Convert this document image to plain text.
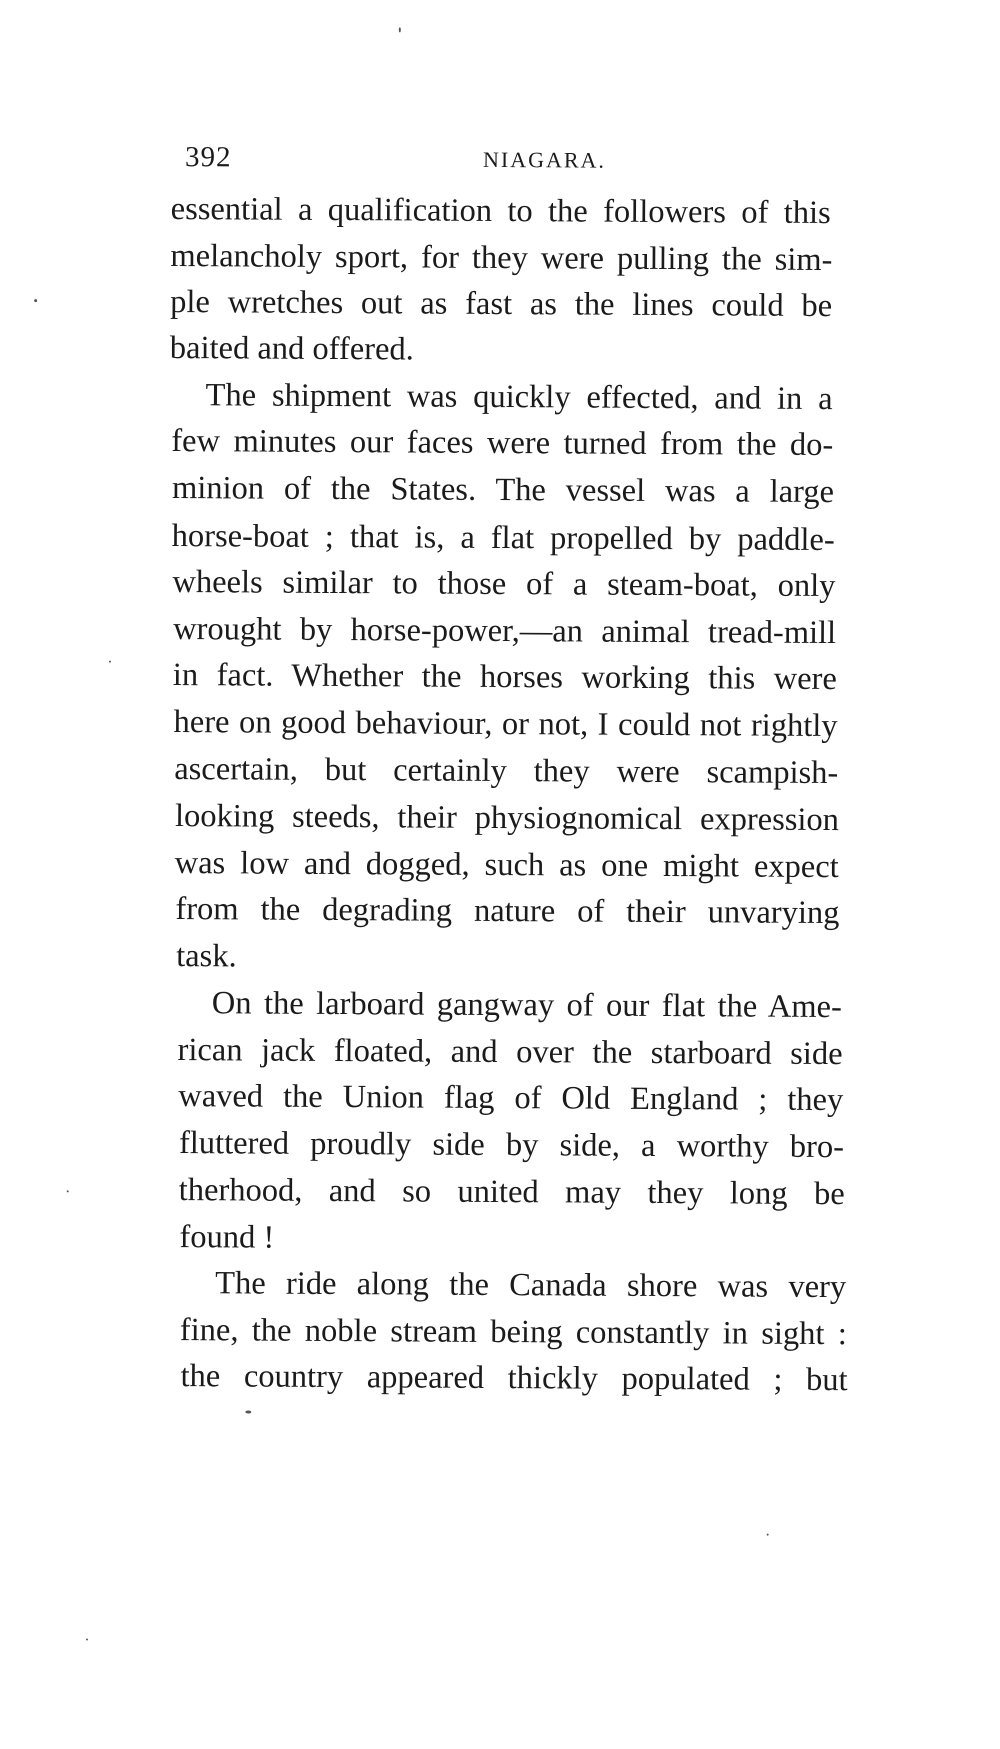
392	NIAGARA.
essential a qualification to the followers of this
melancholy sport, for they were pulling the sim-
ple wretches out as fast as the lines could be
baited and offered.
The shipment was quickly effected, and in a
few minutes our faces were turned from the do-
minion of the States. The vessel was a large
horse-boat ; that is, a flat propelled by paddle-
wheels similar to those of a steam-boat, only
wrought by horse-power,—an animal tread-mill
in fact. Whether the horses working this were
here on good behaviour, or not, I could not rightly
ascertain, but certainly they were scampish-
looking steeds, their physiognomical expression
was low and dogged, such as one might expect
from the degrading nature of their unvarying
task.
On the larboard gangway of our flat the Ame-
rican jack floated, and over the starboard side
waved the Union flag of Old England ; they
fluttered proudly side by side, a worthy bro-
therhood, and so united may they long be
found !
The ride along the Canada shore was very
fine, the noble stream being constantly in sight :
the country appeared thickly populated ; but
